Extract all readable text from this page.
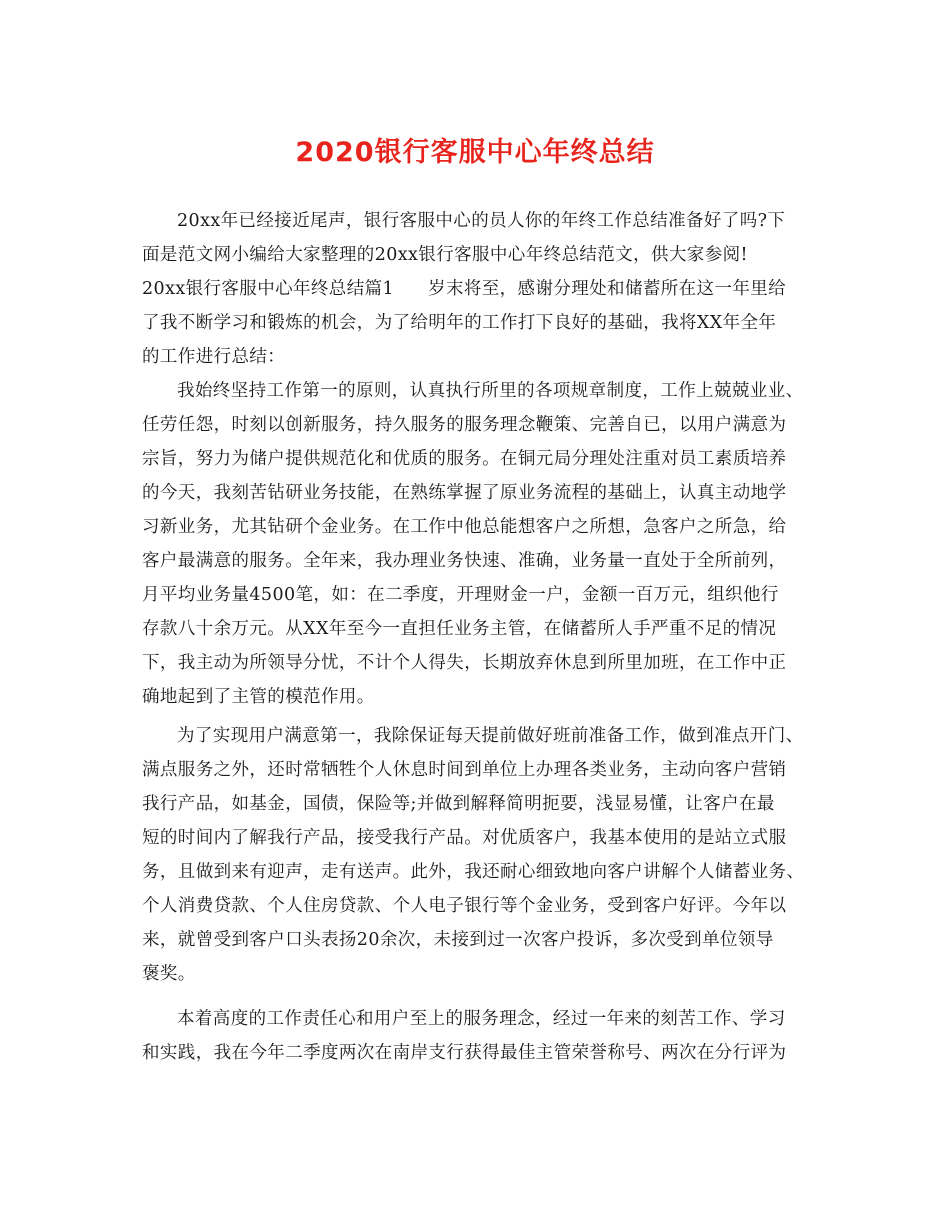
2020银行客服中心年终总结
20xx年已经接近尾声，银行客服中心的员人你的年终工作总结准备好了吗?下
面是范文网小编给大家整理的20xx银行客服中心年终总结范文，供大家参阅!
20xx银行客服中心年终总结篇1 岁末将至，感谢分理处和储蓄所在这一年里给
了我不断学习和锻炼的机会，为了给明年的工作打下良好的基础，我将XX年全年
的工作进行总结：
我始终坚持工作第一的原则，认真执行所里的各项规章制度，工作上兢兢业业、
任劳任怨，时刻以创新服务，持久服务的服务理念鞭策、完善自已，以用户满意为
宗旨，努力为储户提供规范化和优质的服务。在铜元局分理处注重对员工素质培养
的今天，我刻苦钻研业务技能，在熟练掌握了原业务流程的基础上，认真主动地学
习新业务，尤其钻研个金业务。在工作中他总能想客户之所想，急客户之所急，给
客户最满意的服务。全年来，我办理业务快速、准确，业务量一直处于全所前列，
月平均业务量4500笔，如：在二季度，开理财金一户，金额一百万元，组织他行
存款八十余万元。从XX年至今一直担任业务主管，在储蓄所人手严重不足的情况
下，我主动为所领导分忧，不计个人得失，长期放弃休息到所里加班，在工作中正
确地起到了主管的模范作用。
为了实现用户满意第一，我除保证每天提前做好班前准备工作，做到准点开门、
满点服务之外，还时常牺牲个人休息时间到单位上办理各类业务，主动向客户营销
我行产品，如基金，国债，保险等;并做到解释简明扼要，浅显易懂，让客户在最
短的时间内了解我行产品，接受我行产品。对优质客户，我基本使用的是站立式服
务，且做到来有迎声，走有送声。此外，我还耐心细致地向客户讲解个人储蓄业务、
个人消费贷款、个人住房贷款、个人电子银行等个金业务，受到客户好评。今年以
来，就曾受到客户口头表扬20余次，未接到过一次客户投诉，多次受到单位领导
褒奖。
本着高度的工作责任心和用户至上的服务理念，经过一年来的刻苦工作、学习
和实践，我在今年二季度两次在南岸支行获得最佳主管荣誉称号、两次在分行评为
